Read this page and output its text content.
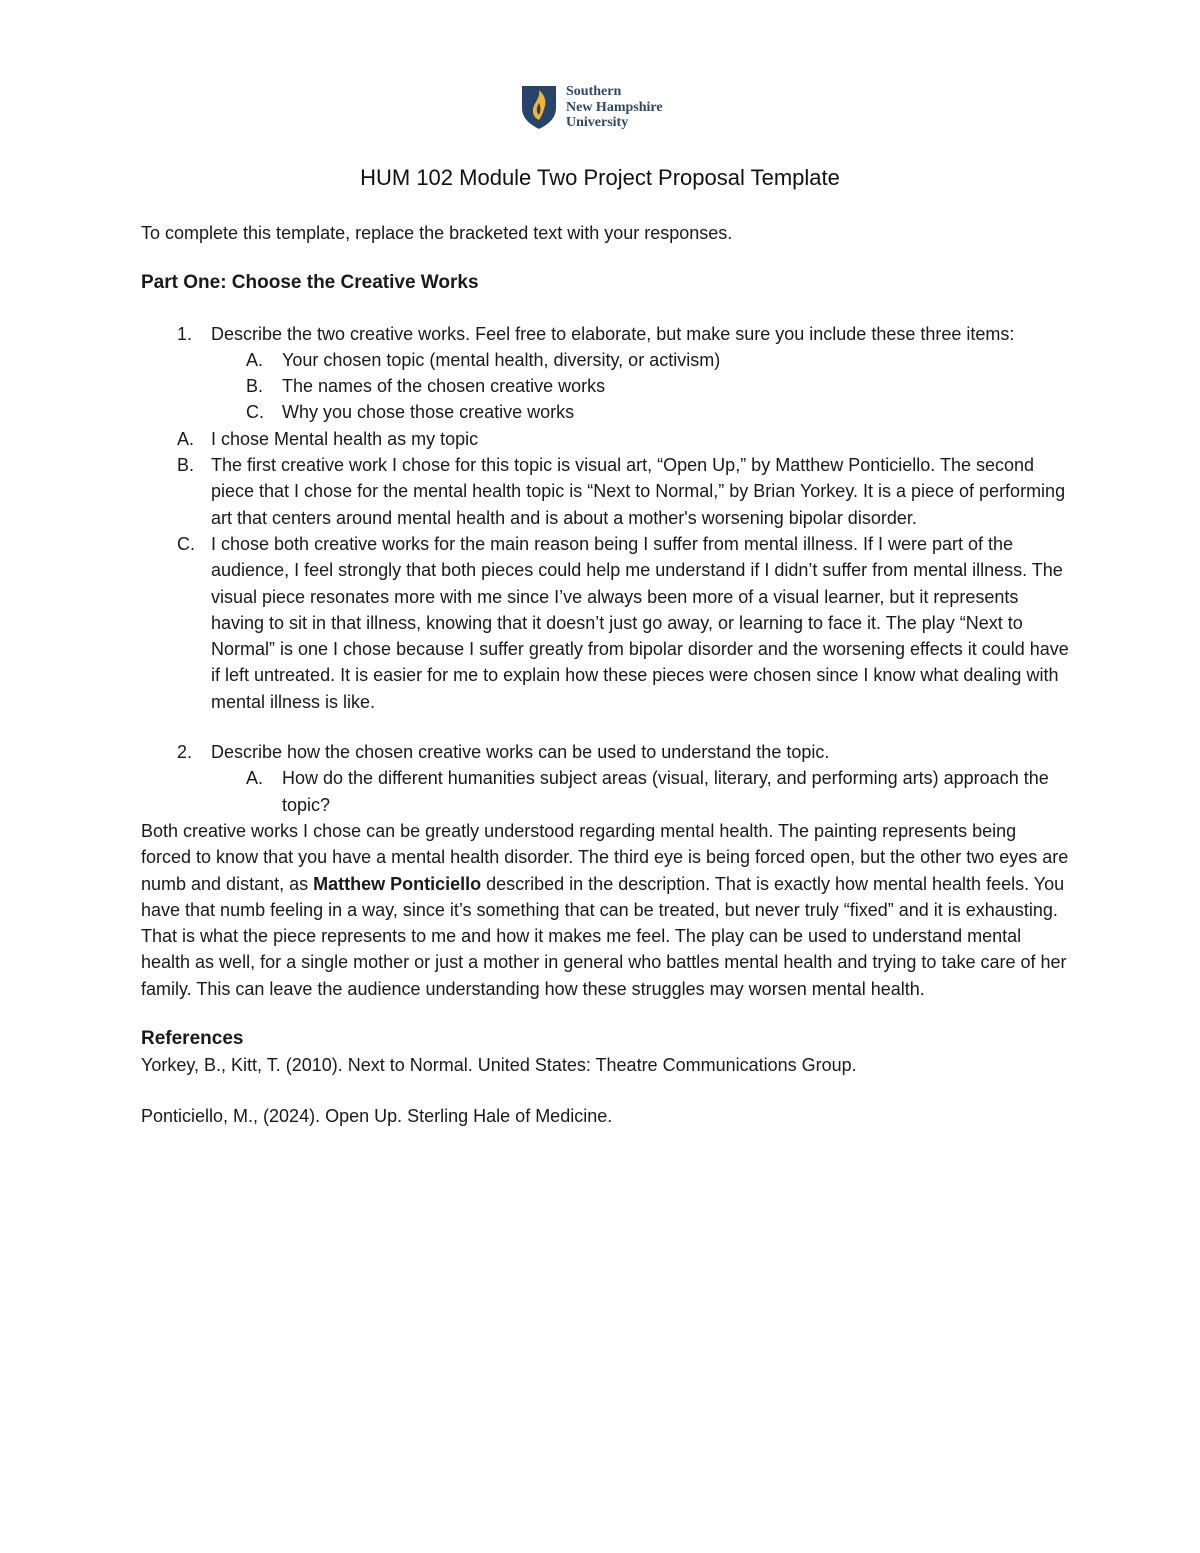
Southern
New Hampshire
University
HUM 102 Module Two Project Proposal Template

To complete this template, replace the bracketed text with your responses.

Part One: Choose the Creative Works

1.	Describe the two creative works. Feel free to elaborate, but make sure you include these three items:
A.	Your chosen topic (mental health, diversity, or activism)
B.	The names of the chosen creative works
C.	Why you chose those creative works
A. I chose Mental health as my topic
B. The first creative work I chose for this topic is visual art, “Open Up,” by Matthew Ponticiello. The second piece that I chose for the mental health topic is “Next to Normal,” by Brian Yorkey. It is a piece of performing art that centers around mental health and is about a mother's worsening bipolar disorder.
C. I chose both creative works for the main reason being I suffer from mental illness. If I were part of the audience, I feel strongly that both pieces could help me understand if I didn’t suffer from mental illness. The visual piece resonates more with me since I’ve always been more of a visual learner, but it represents having to sit in that illness, knowing that it doesn’t just go away, or learning to face it. The play “Next to Normal” is one I chose because I suffer greatly from bipolar disorder and the worsening effects it could have if left untreated. It is easier for me to explain how these pieces were chosen since I know what dealing with mental illness is like.
2.	Describe how the chosen creative works can be used to understand the topic.
A.	How do the different humanities subject areas (visual, literary, and performing arts) approach the topic?

Both creative works I chose can be greatly understood regarding mental health. The painting represents being forced to know that you have a mental health disorder. The third eye is being forced open, but the other two eyes are numb and distant, as Matthew Ponticiello described in the description. That is exactly how mental health feels. You have that numb feeling in a way, since it’s something that can be treated, but never truly “fixed” and it is exhausting. That is what the piece represents to me and how it makes me feel. The play can be used to understand mental health as well, for a single mother or just a mother in general who battles mental health and trying to take care of her family. This can leave the audience understanding how these struggles may worsen mental health.

References

Yorkey, B., Kitt, T. (2010). Next to Normal. United States: Theatre Communications Group.

Ponticiello, M., (2024). Open Up. Sterling Hale of Medicine.
